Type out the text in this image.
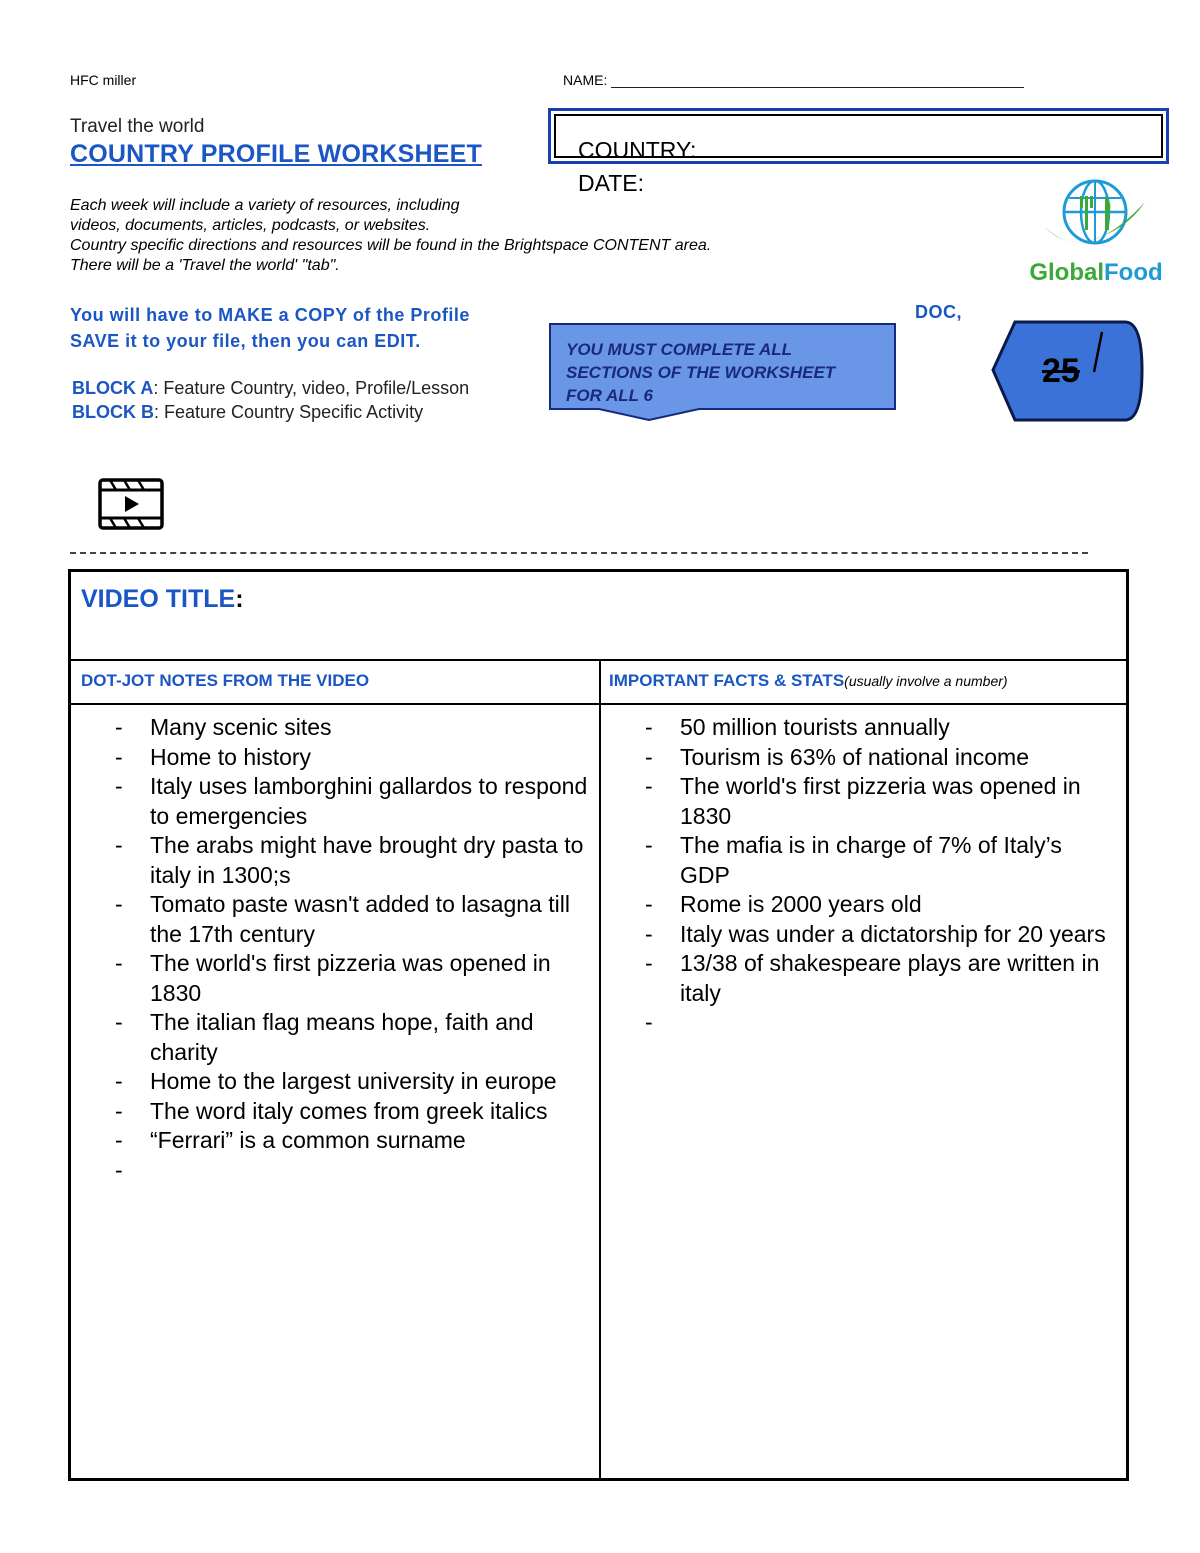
HFC miller	NAME: _____________________________________________________
Travel the world
COUNTRY PROFILE WORKSHEET

Each week will include a variety of resources, including

videos, documents, articles, podcasts, or websites.

Country specific directions and resources will be found in the Brightspace CONTENT area.

There will be a 'Travel the world' "tab".

COUNTRY:
DATE:
GlobalFood

You will have to MAKE a COPY of the Profile

SAVE it to your file, then you can EDIT.

DOC,
YOU MUST COMPLETE ALL SECTIONS OF THE WORKSHEET FOR ALL 6
25

BLOCK A: Feature Country, video, Profile/Lesson

BLOCK B: Feature Country Specific Activity

VIDEO TITLE:
DOT-JOT NOTES FROM THE VIDEO	IMPORTANT FACTS & STATS(usually involve a number)
- Many scenic sites
- Home to history
- Italy uses lamborghini gallardos to respond to emergencies
- The arabs might have brought dry pasta to italy in 1300;s
- Tomato paste wasn't added to lasagna till the 17th century
- The world's first pizzeria was opened in 1830
- The italian flag means hope, faith and charity
- Home to the largest university in europe
- The word italy comes from greek italics
- “Ferrari” is a common surname
- 50 million tourists annually
- Tourism is 63% of national income
- The world's first pizzeria was opened in 1830
- The mafia is in charge of 7% of Italy’s GDP
- Rome is 2000 years old
- Italy was under a dictatorship for 20 years
- 13/38 of shakespeare plays are written in italy
